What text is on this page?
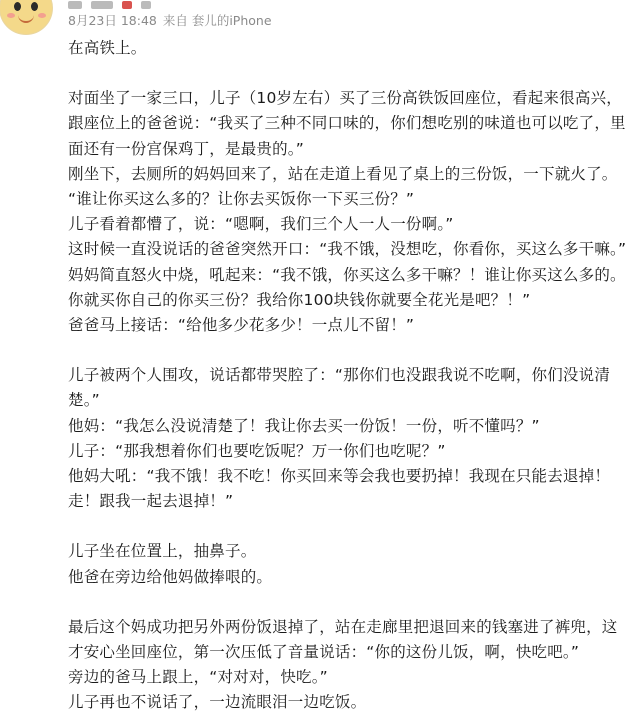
8月23日 18:48 来自 套儿的iPhone

在高铁上。

对面坐了一家三口，儿子（10岁左右）买了三份高铁饭回座位，看起来很高兴，跟座位上的爸爸说：“我买了三种不同口味的，你们想吃别的味道也可以吃了，里面还有一份宫保鸡丁，是最贵的。”

刚坐下，去厕所的妈妈回来了，站在走道上看见了桌上的三份饭，一下就火了。

“谁让你买这么多的？让你去买饭你一下买三份？”

儿子看着都懵了，说：“嗯啊，我们三个人一人一份啊。”

这时候一直没说话的爸爸突然开口：“我不饿，没想吃，你看你，买这么多干嘛。”

妈妈简直怒火中烧，吼起来：“我不饿，你买这么多干嘛？！谁让你买这么多的。你就买你自己的你买三份？我给你100块钱你就要全花光是吧？！”

爸爸马上接话：“给他多少花多少！一点儿不留！”

儿子被两个人围攻，说话都带哭腔了：“那你们也没跟我说不吃啊，你们没说清楚。”

他妈：“我怎么没说清楚了！我让你去买一份饭！一份，听不懂吗？”

儿子：“那我想着你们也要吃饭呢？万一你们也吃呢？”

他妈大吼：“我不饿！我不吃！你买回来等会我也要扔掉！我现在只能去退掉！走！跟我一起去退掉！”

儿子坐在位置上，抽鼻子。

他爸在旁边给他妈做捧哏的。

最后这个妈成功把另外两份饭退掉了，站在走廊里把退回来的钱塞进了裤兜，这才安心坐回座位，第一次压低了音量说话：“你的这份儿饭，啊，快吃吧。”

旁边的爸马上跟上，“对对对，快吃。”

儿子再也不说话了，一边流眼泪一边吃饭。
